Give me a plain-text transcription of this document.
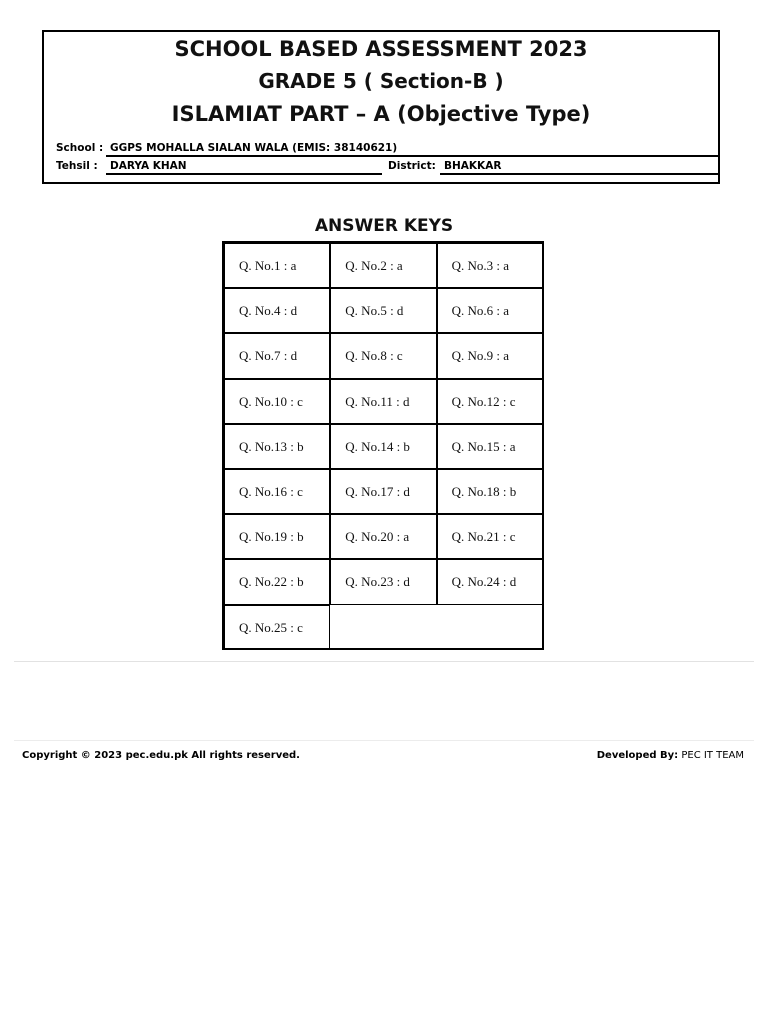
SCHOOL BASED ASSESSMENT 2023
GRADE 5 ( Section-B )
ISLAMIAT PART – A (Objective Type)
School : GGPS MOHALLA SIALAN WALA (EMIS: 38140621)
Tehsil :	DARYA KHAN	District: BHAKKAR
ANSWER KEYS
Q. No.1 : a	Q. No.2 : a	Q. No.3 : a
Q. No.4 : d	Q. No.5 : d	Q. No.6 : a
Q. No.7 : d	Q. No.8 : c	Q. No.9 : a
Q. No.10 : c	Q. No.11 : d	Q. No.12 : c
Q. No.13 : b	Q. No.14 : b	Q. No.15 : a
Q. No.16 : c	Q. No.17 : d	Q. No.18 : b
Q. No.19 : b	Q. No.20 : a	Q. No.21 : c
Q. No.22 : b	Q. No.23 : d	Q. No.24 : d
Q. No.25 : c
Copyright © 2023 pec.edu.pk All rights reserved.	Developed By: PEC IT TEAM
